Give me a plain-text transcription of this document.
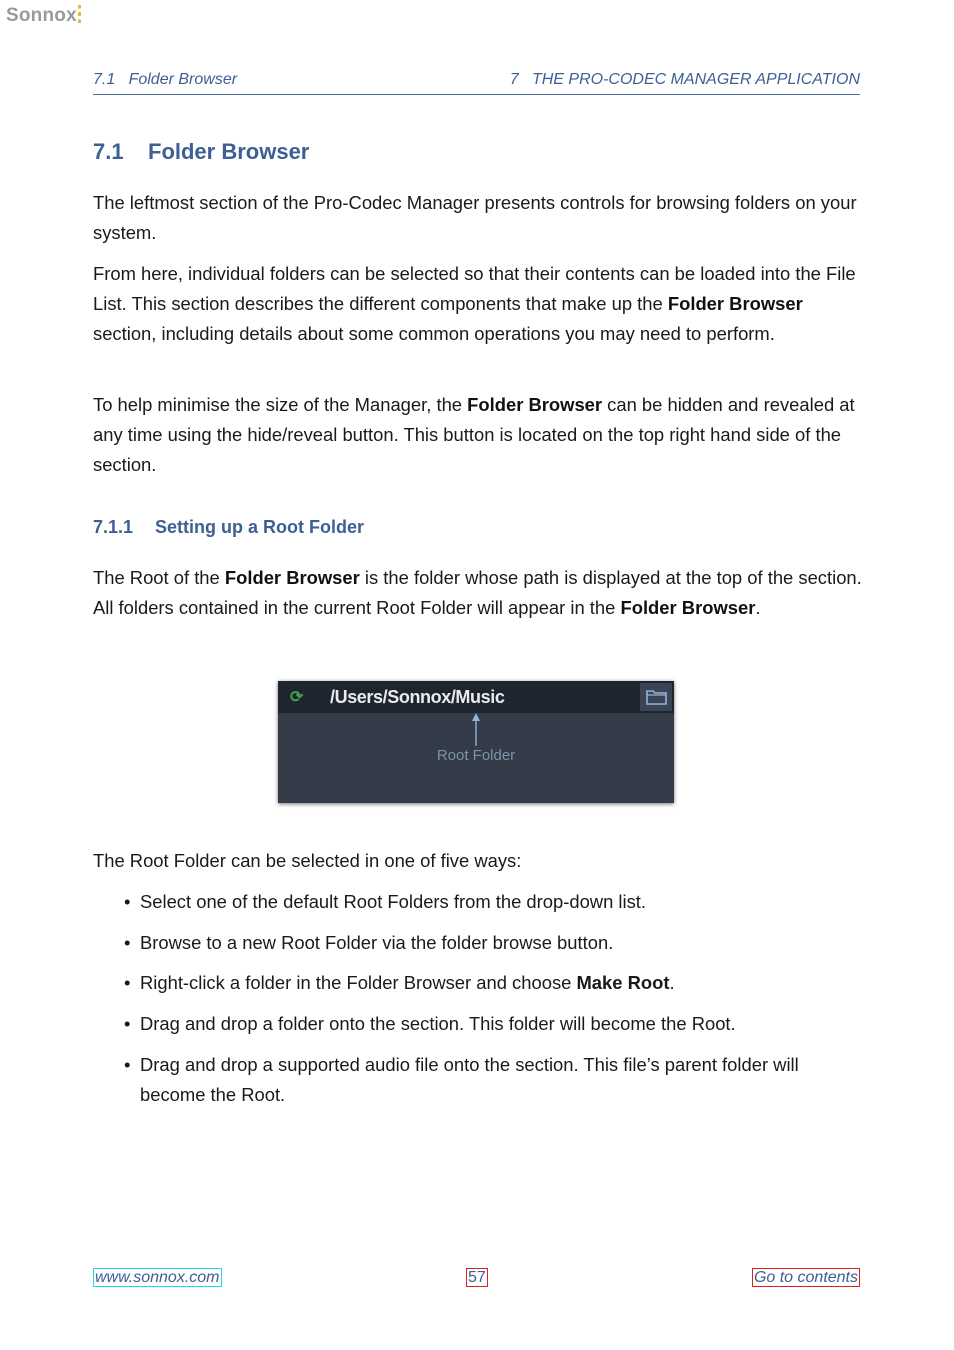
Sonnox
7.1   Folder Browser	7   THE PRO-CODEC MANAGER APPLICATION
7.1 Folder Browser
The leftmost section of the Pro-Codec Manager presents controls for browsing folders on your system.
From here, individual folders can be selected so that their contents can be loaded into the File List. This section describes the different components that make up the Folder Browser section, including details about some common operations you may need to perform.
To help minimise the size of the Manager, the Folder Browser can be hidden and revealed at any time using the hide/reveal button. This button is located on the top right hand side of the section.
7.1.1 Setting up a Root Folder
The Root of the Folder Browser is the folder whose path is displayed at the top of the section. All folders contained in the current Root Folder will appear in the Folder Browser.
⟳ /Users/Sonnox/Music
Root Folder
The Root Folder can be selected in one of five ways:
• Select one of the default Root Folders from the drop-down list.
• Browse to a new Root Folder via the folder browse button.
• Right-click a folder in the Folder Browser and choose Make Root.
• Drag and drop a folder onto the section. This folder will become the Root.
• Drag and drop a supported audio file onto the section. This file’s parent folder will become the Root.
www.sonnox.com	57	Go to contents
